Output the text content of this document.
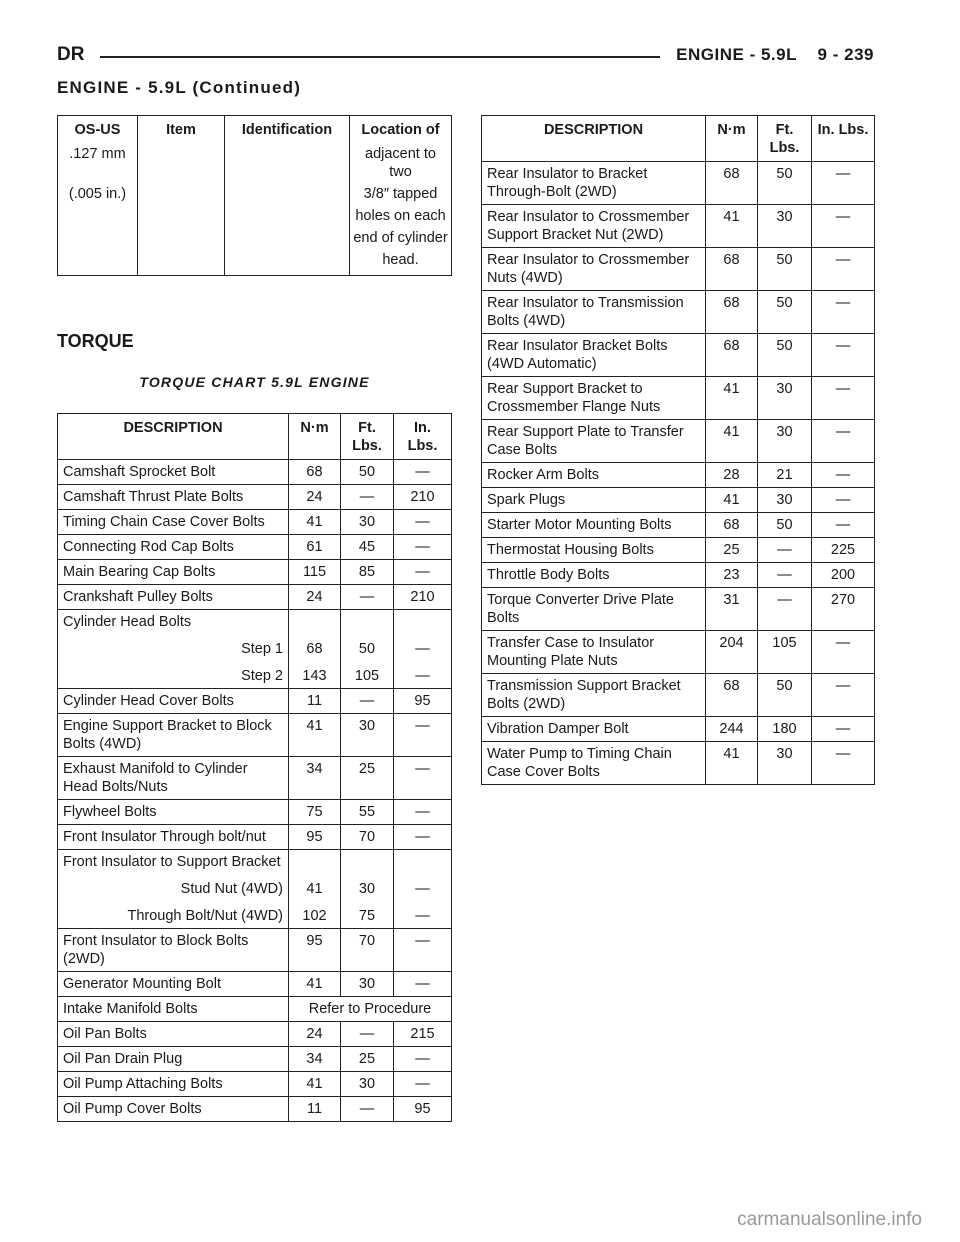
DR	ENGINE - 5.9L    9 - 239
ENGINE - 5.9L (Continued)
OS-US	Item	Identification	Location of
.127 mm			adjacent to two
(.005 in.)			3/8″ tapped
			holes on each
			end of cylinder
			head.
TORQUE
TORQUE CHART 5.9L ENGINE
DESCRIPTION	N·m	Ft. Lbs.	In. Lbs.
Camshaft Sprocket Bolt	68	50	—
Camshaft Thrust Plate Bolts	24	—	210
Timing Chain Case Cover Bolts	41	30	—
Connecting Rod Cap Bolts	61	45	—
Main Bearing Cap Bolts	115	85	—
Crankshaft Pulley Bolts	24	—	210
Cylinder Head Bolts			
Step 1	68	50	—
Step 2	143	105	—
Cylinder Head Cover Bolts	11	—	95
Engine Support Bracket to Block Bolts (4WD)	41	30	—
Exhaust Manifold to Cylinder Head Bolts/Nuts	34	25	—
Flywheel Bolts	75	55	—
Front Insulator Through bolt/nut	95	70	—
Front Insulator to Support Bracket			
Stud Nut (4WD)	41	30	—
Through Bolt/Nut (4WD)	102	75	—
Front Insulator to Block Bolts (2WD)	95	70	—
Generator Mounting Bolt	41	30	—
Intake Manifold Bolts	Refer to Procedure		
Oil Pan Bolts	24	—	215
Oil Pan Drain Plug	34	25	—
Oil Pump Attaching Bolts	41	30	—
Oil Pump Cover Bolts	11	—	95
DESCRIPTION	N·m	Ft. Lbs.	In. Lbs.
Rear Insulator to Bracket Through-Bolt (2WD)	68	50	—
Rear Insulator to Crossmember Support Bracket Nut (2WD)	41	30	—
Rear Insulator to Crossmember Nuts (4WD)	68	50	—
Rear Insulator to Transmission Bolts (4WD)	68	50	—
Rear Insulator Bracket Bolts (4WD Automatic)	68	50	—
Rear Support Bracket to Crossmember Flange Nuts	41	30	—
Rear Support Plate to Transfer Case Bolts	41	30	—
Rocker Arm Bolts	28	21	—
Spark Plugs	41	30	—
Starter Motor Mounting Bolts	68	50	—
Thermostat Housing Bolts	25	—	225
Throttle Body Bolts	23	—	200
Torque Converter Drive Plate Bolts	31	—	270
Transfer Case to Insulator Mounting Plate Nuts	204	105	—
Transmission Support Bracket Bolts (2WD)	68	50	—
Vibration Damper Bolt	244	180	—
Water Pump to Timing Chain Case Cover Bolts	41	30	—
carmanualsonline.info
